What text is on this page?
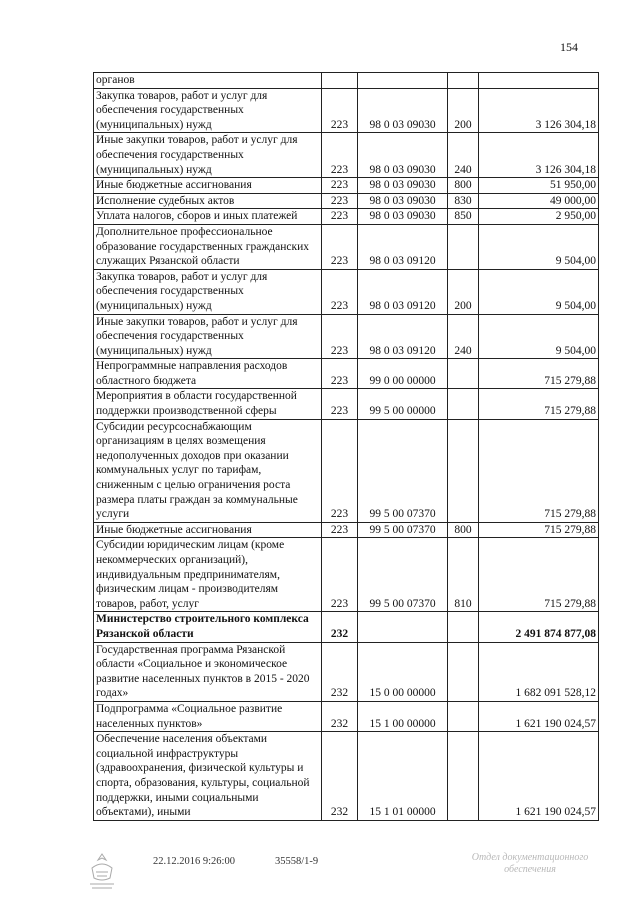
154
органов				
Закупка товаров, работ и услуг для обеспечения государственных (муниципальных) нужд	223	98 0 03 09030	200	3 126 304,18
Иные закупки товаров, работ и услуг для обеспечения государственных (муниципальных) нужд	223	98 0 03 09030	240	3 126 304,18
Иные бюджетные ассигнования	223	98 0 03 09030	800	51 950,00
Исполнение судебных актов	223	98 0 03 09030	830	49 000,00
Уплата налогов, сборов и иных платежей	223	98 0 03 09030	850	2 950,00
Дополнительное профессиональное образование государственных гражданских служащих Рязанской области	223	98 0 03 09120		9 504,00
Закупка товаров, работ и услуг для обеспечения государственных (муниципальных) нужд	223	98 0 03 09120	200	9 504,00
Иные закупки товаров, работ и услуг для обеспечения государственных (муниципальных) нужд	223	98 0 03 09120	240	9 504,00
Непрограммные направления расходов областного бюджета	223	99 0 00 00000		715 279,88
Мероприятия в области государственной поддержки производственной сферы	223	99 5 00 00000		715 279,88
Субсидии ресурсоснабжающим организациям в целях возмещения недополученных доходов при оказании коммунальных услуг по тарифам, сниженным с целью ограничения роста размера платы граждан за коммунальные услуги	223	99 5 00 07370		715 279,88
Иные бюджетные ассигнования	223	99 5 00 07370	800	715 279,88
Субсидии юридическим лицам (кроме некоммерческих организаций), индивидуальным предпринимателям, физическим лицам - производителям товаров, работ, услуг	223	99 5 00 07370	810	715 279,88
Министерство строительного комплекса Рязанской области	232			2 491 874 877,08
Государственная программа Рязанской области «Социальное и экономическое развитие населенных пунктов в 2015 - 2020 годах»	232	15 0 00 00000		1 682 091 528,12
Подпрограмма «Социальное развитие населенных пунктов»	232	15 1 00 00000		1 621 190 024,57
Обеспечение населения объектами социальной инфраструктуры (здравоохранения, физической культуры и спорта, образования, культуры, социальной поддержки, иными социальными объектами), иными	232	15 1 01 00000		1 621 190 024,57
22.12.2016 9:26:00	35558/1-9	Отдел документационного обеспечения
